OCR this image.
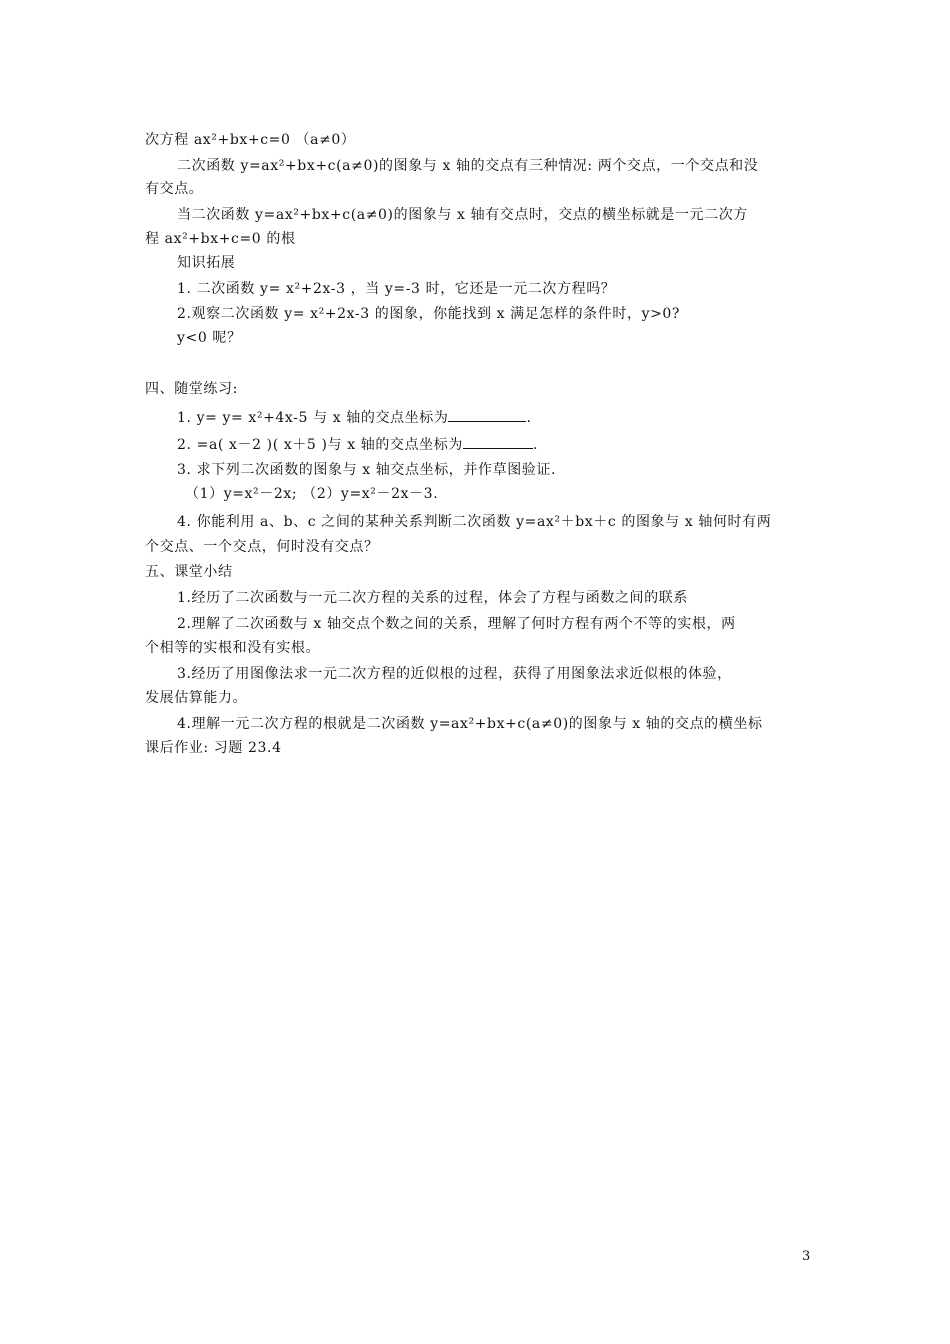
次方程 ax²+bx+c=0 （a≠0）
二次函数 y=ax²+bx+c(a≠0)的图象与 x 轴的交点有三种情况: 两个交点，一个交点和没
有交点。
当二次函数 y=ax²+bx+c(a≠0)的图象与 x 轴有交点时，交点的横坐标就是一元二次方
程 ax²+bx+c=0 的根
知识拓展
1. 二次函数 y= x²+2x-3 ，当 y=-3 时，它还是一元二次方程吗？
2.观察二次函数 y= x²+2x-3 的图象，你能找到 x 满足怎样的条件时，y>0?
y<0 呢？
四、随堂练习:
1. y= y= x²+4x-5 与 x 轴的交点坐标为	.
2. =a( x－2 )( x＋5 )与 x 轴的交点坐标为	.
3. 求下列二次函数的图象与 x 轴交点坐标，并作草图验证.
（1）y=x²－2x; （2）y=x²－2x－3.
4. 你能利用 a、b、c 之间的某种关系判断二次函数 y=ax²＋bx＋c 的图象与 x 轴何时有两
个交点、一个交点，何时没有交点？
五、课堂小结
1.经历了二次函数与一元二次方程的关系的过程，体会了方程与函数之间的联系
2.理解了二次函数与 x 轴交点个数之间的关系，理解了何时方程有两个不等的实根，两
个相等的实根和没有实根。
3.经历了用图像法求一元二次方程的近似根的过程，获得了用图象法求近似根的体验，
发展估算能力。
4.理解一元二次方程的根就是二次函数 y=ax²+bx+c(a≠0)的图象与 x 轴的交点的横坐标
课后作业: 习题 23.4
3
